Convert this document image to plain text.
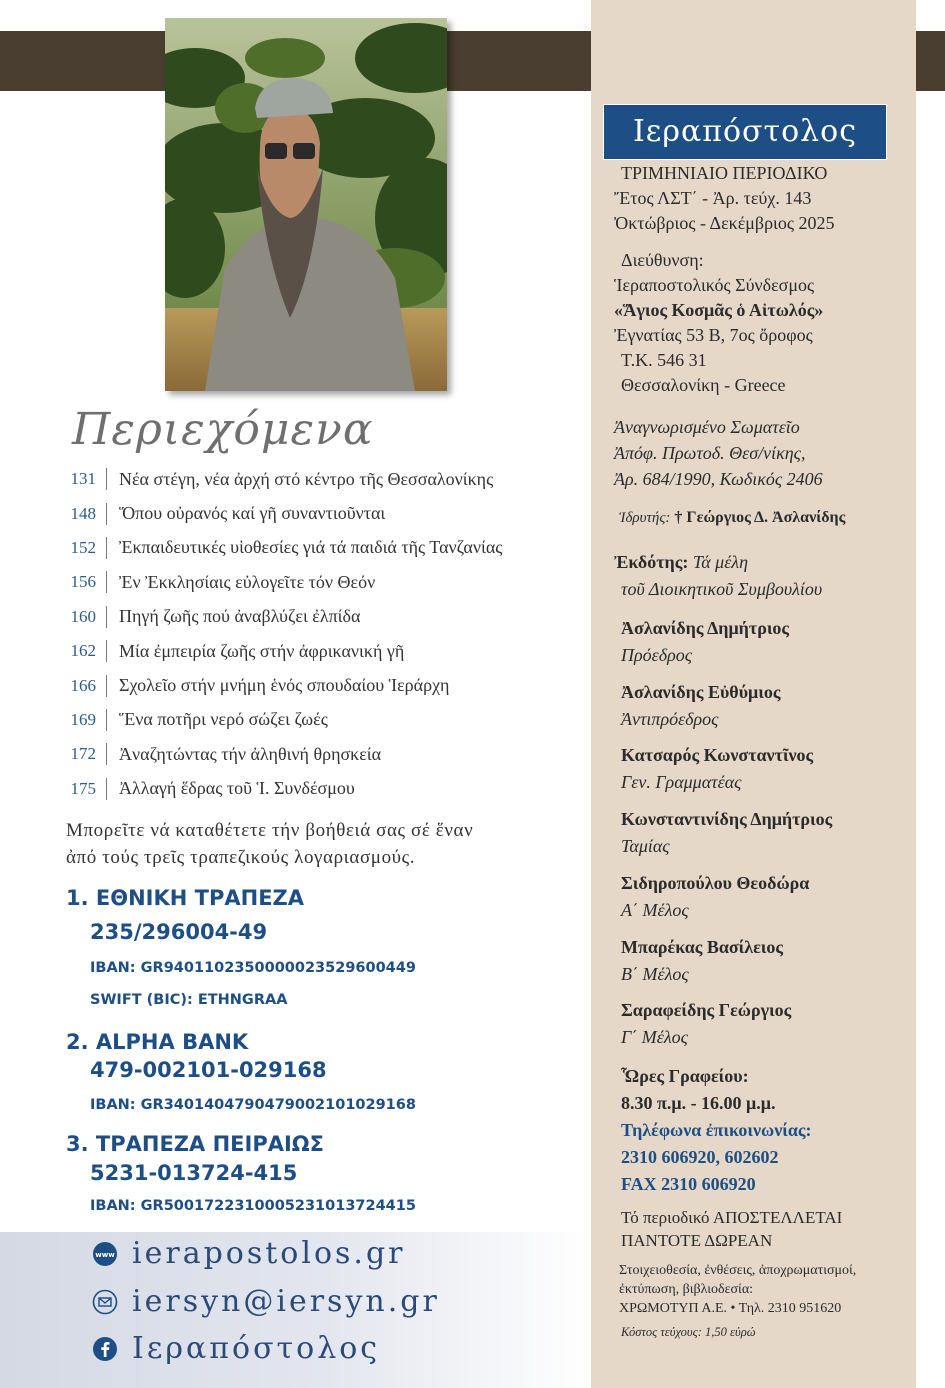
Περιεχόμενα
131	Νέα στέγη, νέα ἀρχή στό κέντρο τῆς Θεσσαλονίκης
148	Ὅπου οὐρανός καί γῆ συναντιοῦνται
152	Ἐκπαιδευτικές υἱοθεσίες γιά τά παιδιά τῆς Τανζανίας
156	Ἐν Ἐκκλησίαις εὐλογεῖτε τόν Θεόν
160	Πηγή ζωῆς πού ἀναβλύζει ἐλπίδα
162	Μία ἐμπειρία ζωῆς στήν ἀφρικανική γῆ
166	Σχολεῖο στήν μνήμη ἑνός σπουδαίου Ἱεράρχη
169	Ἕνα ποτῆρι νερό σώζει ζωές
172	Ἀναζητώντας τήν ἀληθινή θρησκεία
175	Ἀλλαγή ἕδρας τοῦ Ἱ. Συνδέσμου
Μπορεῖτε νά καταθέτετε τήν βοήθειά σας σέ ἕναν
ἀπό τούς τρεῖς τραπεζικούς λογαριασμούς.
1. ΕΘΝΙΚΗ ΤΡΑΠΕΖΑ
235/296004-49
IBAN: GR9401102350000023529600449
SWIFT (BIC): ETHNGRAA
2. ALPHA BANK
479-002101-029168
IBAN: GR3401404790479002101029168
3. ΤΡΑΠΕΖΑ ΠΕΙΡΑΙΩΣ
5231-013724-415
IBAN: GR5001722310005231013724415
www ierapostolos.gr
iersyn@iersyn.gr
Ιεραπόστολος
Ιεραπόστολος
ΤΡΙΜΗΝΙΑΙΟ ΠΕΡΙΟΔΙΚΟ
Ἔτος ΛΣΤ΄ - Ἀρ. τεύχ. 143
Ὀκτώβριος - Δεκέμβριος 2025
Διεύθυνση:
Ἱεραποστολικός Σύνδεσμος
«Ἅγιος Κοσμᾶς ὁ Αἰτωλός»
Ἐγνατίας 53 Β, 7ος ὄροφος
Τ.Κ. 546 31
Θεσσαλονίκη - Greece
Ἀναγνωρισμένο Σωματεῖο
Ἀπόφ. Πρωτοδ. Θεσ/νίκης,
Ἀρ. 684/1990, Κωδικός 2406
Ἱδρυτής: † Γεώργιος Δ. Ἀσλανίδης
Ἐκδότης: Τά μέλη
τοῦ Διοικητικοῦ Συμβουλίου
Ἀσλανίδης Δημήτριος
Πρόεδρος
Ἀσλανίδης Εὐθύμιος
Ἀντιπρόεδρος
Κατσαρός Κωνσταντῖνος
Γεν. Γραμματέας
Κωνσταντινίδης Δημήτριος
Ταμίας
Σιδηροπούλου Θεοδώρα
Α΄ Μέλος
Μπαρέκας Βασίλειος
Β΄ Μέλος
Σαραφείδης Γεώργιος
Γ΄ Μέλος
Ὧρες Γραφείου:
8.30 π.μ. - 16.00 μ.μ.
Τηλέφωνα ἐπικοινωνίας:
2310 606920, 602602
FAX 2310 606920
Τό περιοδικό ΑΠΟΣΤΕΛΛΕΤΑΙ
ΠΑΝΤΟΤΕ ΔΩΡΕΑΝ
Στοιχειοθεσία, ἐνθέσεις, ἀποχρωματισμοί,
ἐκτύπωση, βιβλιοδεσία:
ΧΡΩΜΟΤΥΠ Α.Ε. • Τηλ. 2310 951620
Κόστος τεύχους: 1,50 εὐρώ
